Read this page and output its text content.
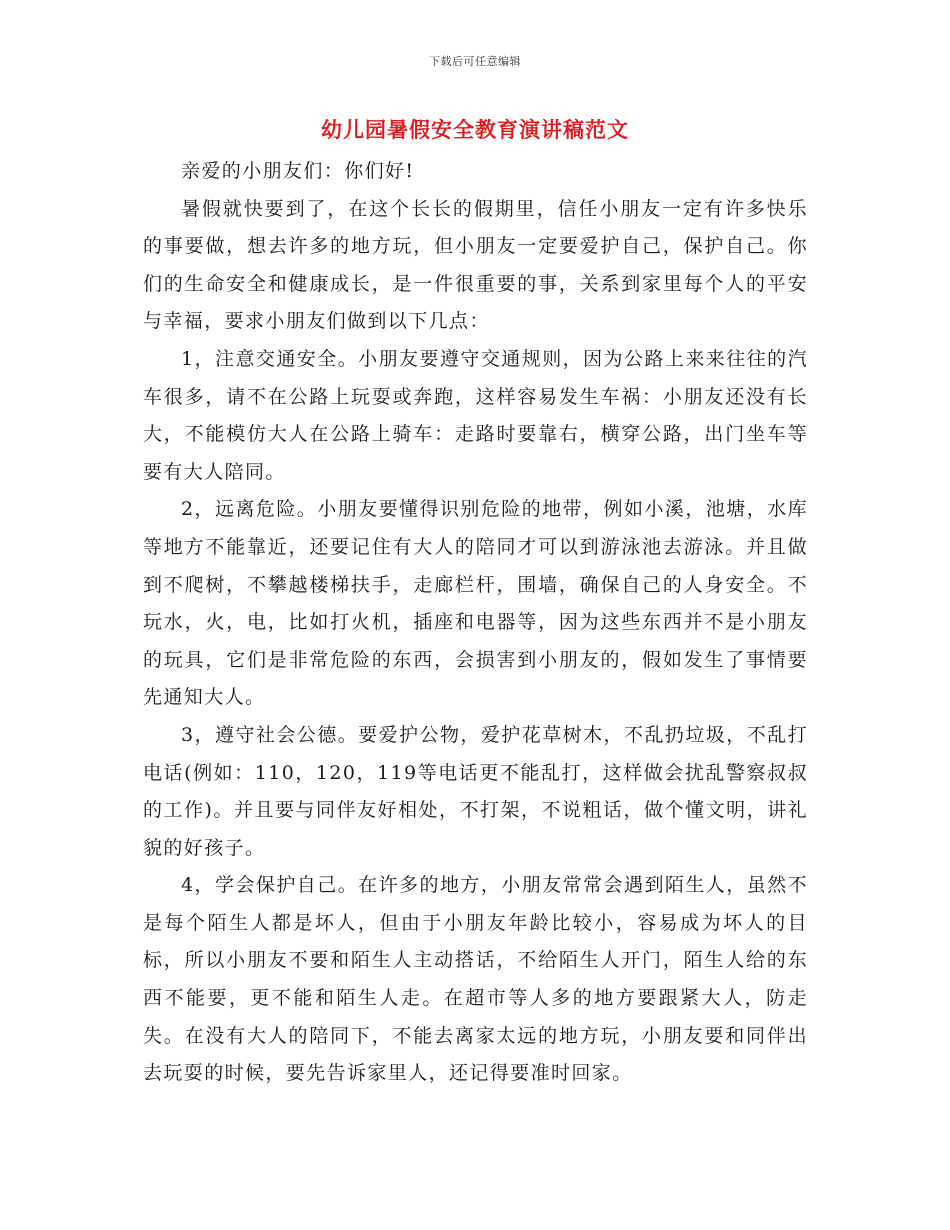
下载后可任意编辑
幼儿园暑假安全教育演讲稿范文

亲爱的小朋友们：你们好!

暑假就快要到了，在这个长长的假期里，信任小朋友一定有许多快乐的事要做，想去许多的地方玩，但小朋友一定要爱护自己，保护自己。你们的生命安全和健康成长，是一件很重要的事，关系到家里每个人的平安与幸福，要求小朋友们做到以下几点：

1，注意交通安全。小朋友要遵守交通规则，因为公路上来来往往的汽车很多，请不在公路上玩耍或奔跑，这样容易发生车祸：小朋友还没有长大，不能模仿大人在公路上骑车：走路时要靠右，横穿公路，出门坐车等要有大人陪同。

2，远离危险。小朋友要懂得识别危险的地带，例如小溪，池塘，水库等地方不能靠近，还要记住有大人的陪同才可以到游泳池去游泳。并且做到不爬树，不攀越楼梯扶手，走廊栏杆，围墙，确保自己的人身安全。不玩水，火，电，比如打火机，插座和电器等，因为这些东西并不是小朋友的玩具，它们是非常危险的东西，会损害到小朋友的，假如发生了事情要先通知大人。

3，遵守社会公德。要爱护公物，爱护花草树木，不乱扔垃圾，不乱打电话(例如：110，120，119等电话更不能乱打，这样做会扰乱警察叔叔的工作)。并且要与同伴友好相处，不打架，不说粗话，做个懂文明，讲礼貌的好孩子。

4，学会保护自己。在许多的地方，小朋友常常会遇到陌生人，虽然不是每个陌生人都是坏人，但由于小朋友年龄比较小，容易成为坏人的目标，所以小朋友不要和陌生人主动搭话，不给陌生人开门，陌生人给的东西不能要，更不能和陌生人走。在超市等人多的地方要跟紧大人，防走失。在没有大人的陪同下，不能去离家太远的地方玩，小朋友要和同伴出去玩耍的时候，要先告诉家里人，还记得要准时回家。
